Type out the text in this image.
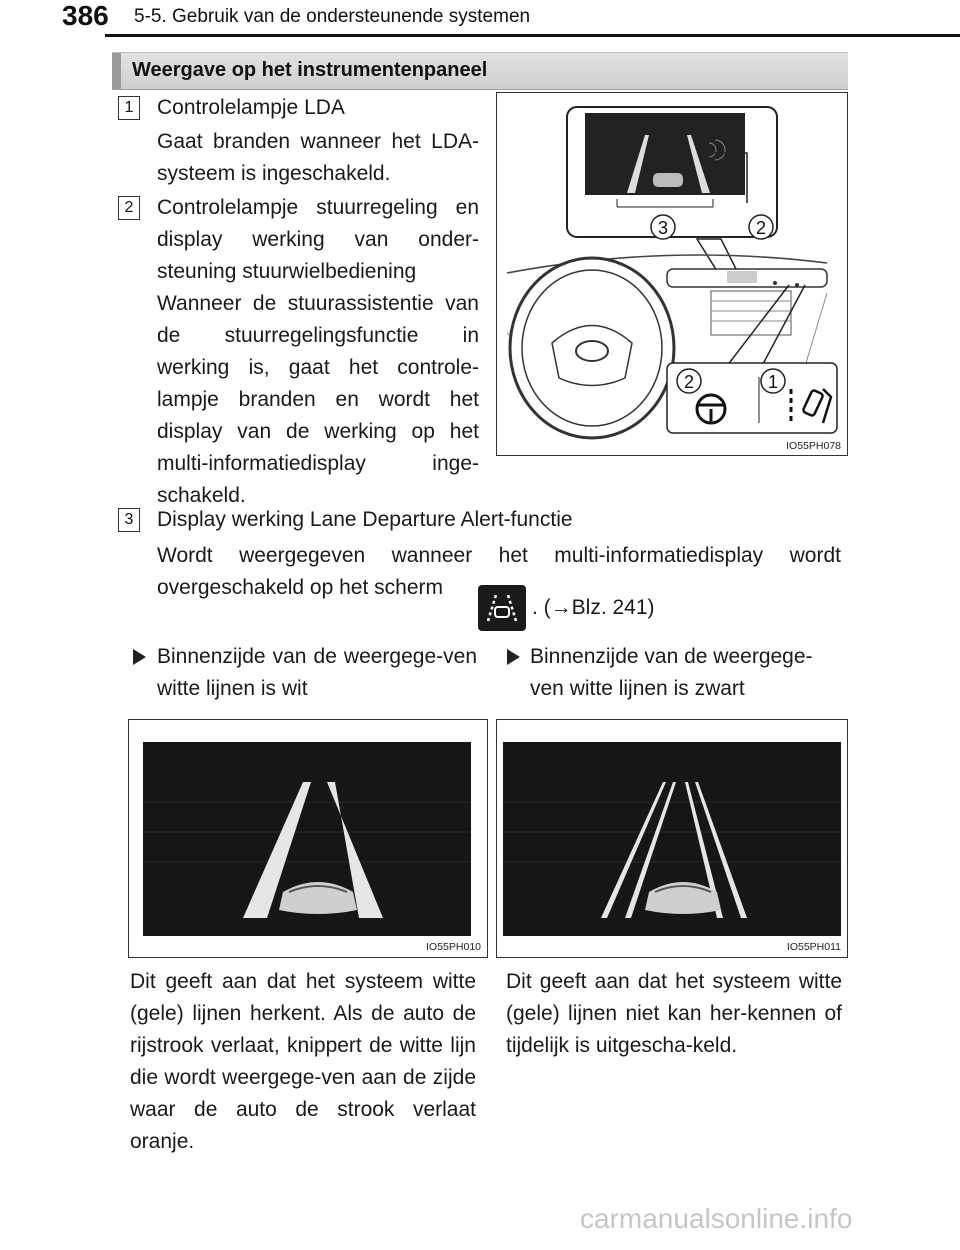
386 5-5. Gebruik van de ondersteunende systemen
Weergave op het instrumentenpaneel
1	Controlelampje LDA
Gaat branden wanneer het LDA-systeem is ingeschakeld.
2	Controlelampje stuurregeling en display werking van onder-steuning stuurwielbediening
Wanneer de stuurassistentie van de stuurregelingsfunctie in werking is, gaat het controle-lampje branden en wordt het display van de werking op het multi-informatiedisplay inge-schakeld.
3	2
2	1
IO55PH078
3	Display werking Lane Departure Alert-functie
Wordt weergegeven wanneer het multi-informatiedisplay wordt overgeschakeld op het scherm
. (→Blz. 241)
Binnenzijde van de weergege-ven witte lijnen is wit
Binnenzijde van de weergege-ven witte lijnen is zwart
IO55PH010	IO55PH011
Dit geeft aan dat het systeem witte (gele) lijnen herkent. Als de auto de rijstrook verlaat, knippert de witte lijn die wordt weergege-ven aan de zijde waar de auto de strook verlaat oranje.
Dit geeft aan dat het systeem witte (gele) lijnen niet kan her-kennen of tijdelijk is uitgescha-keld.
carmanualsonline.info
